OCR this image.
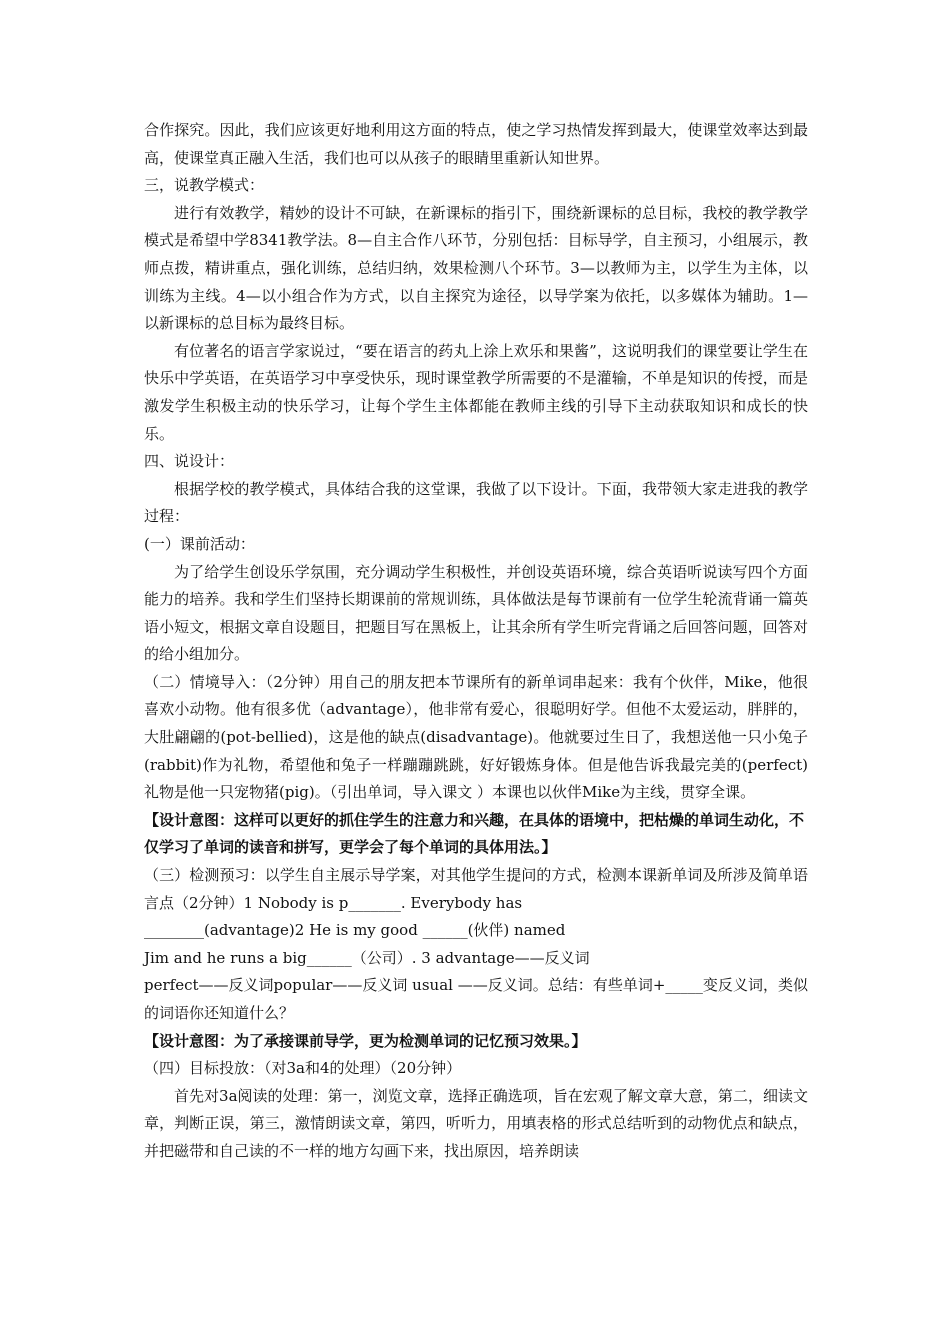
合作探究。因此，我们应该更好地利用这方面的特点，使之学习热情发挥到最大，使课堂效率达到最高，使课堂真正融入生活，我们也可以从孩子的眼睛里重新认知世界。

三，说教学模式：

进行有效教学，精妙的设计不可缺，在新课标的指引下，围绕新课标的总目标，我校的教学教学模式是希望中学8341教学法。8—自主合作八环节，分别包括：目标导学，自主预习，小组展示，教师点拨，精讲重点，强化训练，总结归纳，效果检测八个环节。3—以教师为主，以学生为主体，以训练为主线。4—以小组合作为方式，以自主探究为途径，以导学案为依托，以多媒体为辅助。1—以新课标的总目标为最终目标。

有位著名的语言学家说过，“要在语言的药丸上涂上欢乐和果酱”，这说明我们的课堂要让学生在快乐中学英语，在英语学习中享受快乐，现时课堂教学所需要的不是灌输，不单是知识的传授，而是激发学生积极主动的快乐学习，让每个学生主体都能在教师主线的引导下主动获取知识和成长的快乐。

四、说设计：

根据学校的教学模式，具体结合我的这堂课，我做了以下设计。下面，我带领大家走进我的教学过程：

(一）课前活动：

为了给学生创设乐学氛围，充分调动学生积极性，并创设英语环境，综合英语听说读写四个方面能力的培养。我和学生们坚持长期课前的常规训练，具体做法是每节课前有一位学生轮流背诵一篇英语小短文，根据文章自设题目，把题目写在黑板上，让其余所有学生听完背诵之后回答问题，回答对的给小组加分。

（二）情境导入：（2分钟）用自己的朋友把本节课所有的新单词串起来：我有个伙伴，Mike，他很喜欢小动物。他有很多优（advantage），他非常有爱心，很聪明好学。但他不太爱运动，胖胖的，大肚翩翩的(pot-bellied)，这是他的缺点(disadvantage)。他就要过生日了，我想送他一只小兔子(rabbit)作为礼物，希望他和兔子一样蹦蹦跳跳，好好锻炼身体。但是他告诉我最完美的(perfect)礼物是他一只宠物猪(pig)。（引出单词，导入课文 ）本课也以伙伴Mike为主线，贯穿全课。

【设计意图：这样可以更好的抓住学生的注意力和兴趣，在具体的语境中，把枯燥的单词生动化，不仅学习了单词的读音和拼写，更学会了每个单词的具体用法。】

（三）检测预习：以学生自主展示导学案，对其他学生提问的方式，检测本课新单词及所涉及简单语言点（2分钟）1 Nobody is p_______. Everybody has

________(advantage)2 He is my good ______(伙伴) named

Jim and he runs a big______（公司）. 3 advantage——反义词

perfect——反义词popular——反义词 usual ——反义词。总结：有些单词+_____变反义词，类似的词语你还知道什么？

【设计意图：为了承接课前导学，更为检测单词的记忆预习效果。】

（四）目标投放：（对3a和4的处理）（20分钟）

首先对3a阅读的处理：第一，浏览文章，选择正确选项，旨在宏观了解文章大意，第二，细读文章，判断正误，第三，激情朗读文章，第四，听听力，用填表格的形式总结听到的动物优点和缺点，并把磁带和自己读的不一样的地方勾画下来，找出原因，培养朗读
